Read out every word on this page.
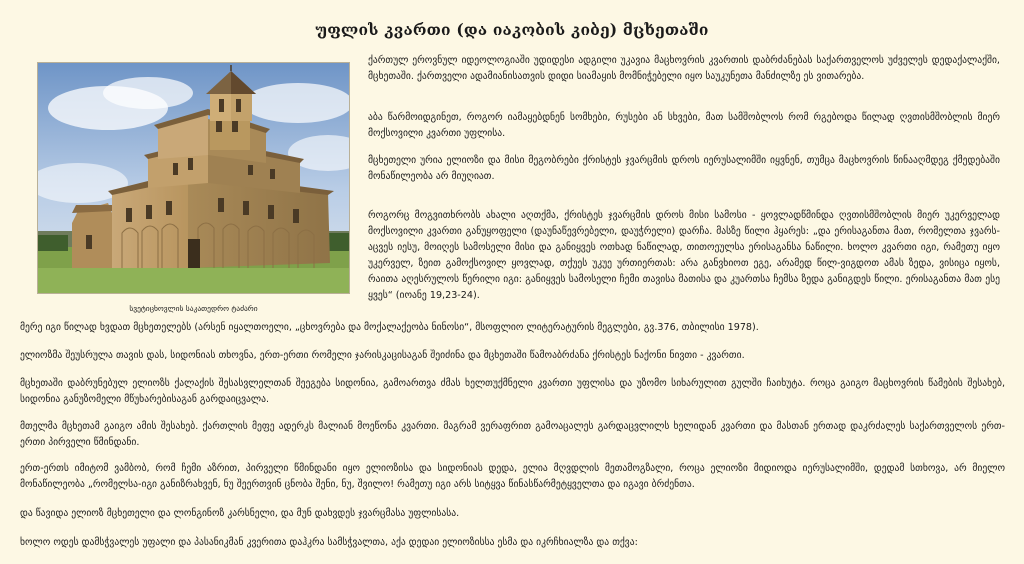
უფლის კვართი (და იაკობის კიბე) მცხეთაში
სვეტიცხოვლის საკათედრო ტაძარი

ქართულ ეროვნულ იდეოლოგიაში უდიდესი ადგილი უკავია მაცხოვრის კვართის დაბრძანებას საქართველოს უძველეს დედაქალაქში, მცხეთაში. ქართველი ადამიანისათვის დიდი სიამაყის მომნიჭებელი იყო საუკუნეთა მანძილზე ეს ვითარება.

აბა წარმოიდგინეთ, როგორ იამაყებდნენ სომხები, რუსები ან სხვები, მათ სამშობლოს რომ რგებოდა წილად ღვთისმშობლის მიერ მოქსოვილი კვართი უფლისა.

მცხეთელი ურია ელიოზი და მისი მეგობრები ქრისტეს ჯვარცმის დროს იერუსალიმში იყვნენ, თუმცა მაცხოვრის წინააღმდეგ ქმედებაში მონაწილეობა არ მიუღიათ.

როგორც მოგვითხრობს ახალი აღთქმა, ქრისტეს ჯვარცმის დროს მისი სამოსი - ყოვლადწმინდა ღვთისმშობლის მიერ უკერველად მოქსოვილი კვართი განუყოფელი (დაუნაწევრებელი, დაუჭრელი) დარჩა. მასზე წილი ჰყარეს: „და ერისაგანთა მათ, რომელთა ჯვარს-აცვეს იესუ, მოიღეს სამოსელი მისი და განიყვეს ოთხად ნაწილად, თითოეულსა ერისაგანსა ნაწილი. ხოლო კვართი იგი, რამეთუ იყო უკერველ, ზეით გამოქსოვილ ყოვლად, თქუეს უკუე ურთიერთას: არა განვხიოთ ეგე, არამედ წილ-ვიგდოთ ამას ზედა, ვისიცა იყოს, რაითა აღესრულოს წერილი იგი: განიყვეს სამოსელი ჩემი თავისა მათისა და კუართსა ჩემსა ზედა განიგდეს წილი. ერისაგანთა მათ ესე ყვეს“ (იოანე 19,23-24).

მერე იგი წილად ხვდათ მცხეთელებს (არსენ იყალთოელი, „ცხოვრება და მოქალაქეობა ნინოსი“, მსოფლიო ლიტერატურის მეგლები, გვ.376, თბილისი 1978).

ელიოზმა შეუსრულა თავის დას, სიდონიას თხოვნა, ერთ-ერთი რომელი ჯარისკაცისაგან შეიძინა და მცხეთაში წამოაბრძანა ქრისტეს ნაქონი ნივთი - კვართი.

მცხეთაში დაბრუნებულ ელიოზს ქალაქის შესასვლელთან შეეგება სიდონია, გამოართვა ძმას ხელთუქმნელი კვართი უფლისა და უზომო სიხარულით გულში ჩაიხუტა. როცა გაიგო მაცხოვრის წამების შესახებ, სიდონია განუზომელი მწუხარებისაგან გარდაიცვალა.

მთელმა მცხეთამ გაიგო ამის შესახებ. ქართლის მეფე ადერკს მალიან მოეწონა კვართი. მაგრამ ვერაფრით გამოაცალეს გარდაცვლილს ხელიდან კვართი და მასთან ერთად დაკრძალეს საქართველოს ერთ-ერთი პირველი წმინდანი.

ერთ-ერთს იმიტომ ვამბობ, რომ ჩემი აზრით, პირველი წმინდანი იყო ელიოზისა და სიდონიას დედა, ელია მღვდლის მეთამოგზალი, როცა ელიოზი მიდიოდა იერუსალიმში, დედამ სთხოვა, არ მიელო მონაწილეობა „რომელსა-იგი განიზრახვენ, ნუ შეერთვინ ცნობა შენი, ნუ, შვილო! რამეთუ იგი არს სიტყვა წინასწარმეტყველთა და იგავი ბრძენთა.

და წავიდა ელიოზ მცხეთელი და ლონგინოზ კარსნელი, და მუნ დახვდეს ჯვარცმასა უფლისასა.

ხოლო ოდეს დამსჭვალეს უფალი და პასანიკმან კვერითა დაჰკრა სამსჭვალთა, აქა დედაი ელიოზისსა ესმა და იკრჩხიალზა და თქვა:
